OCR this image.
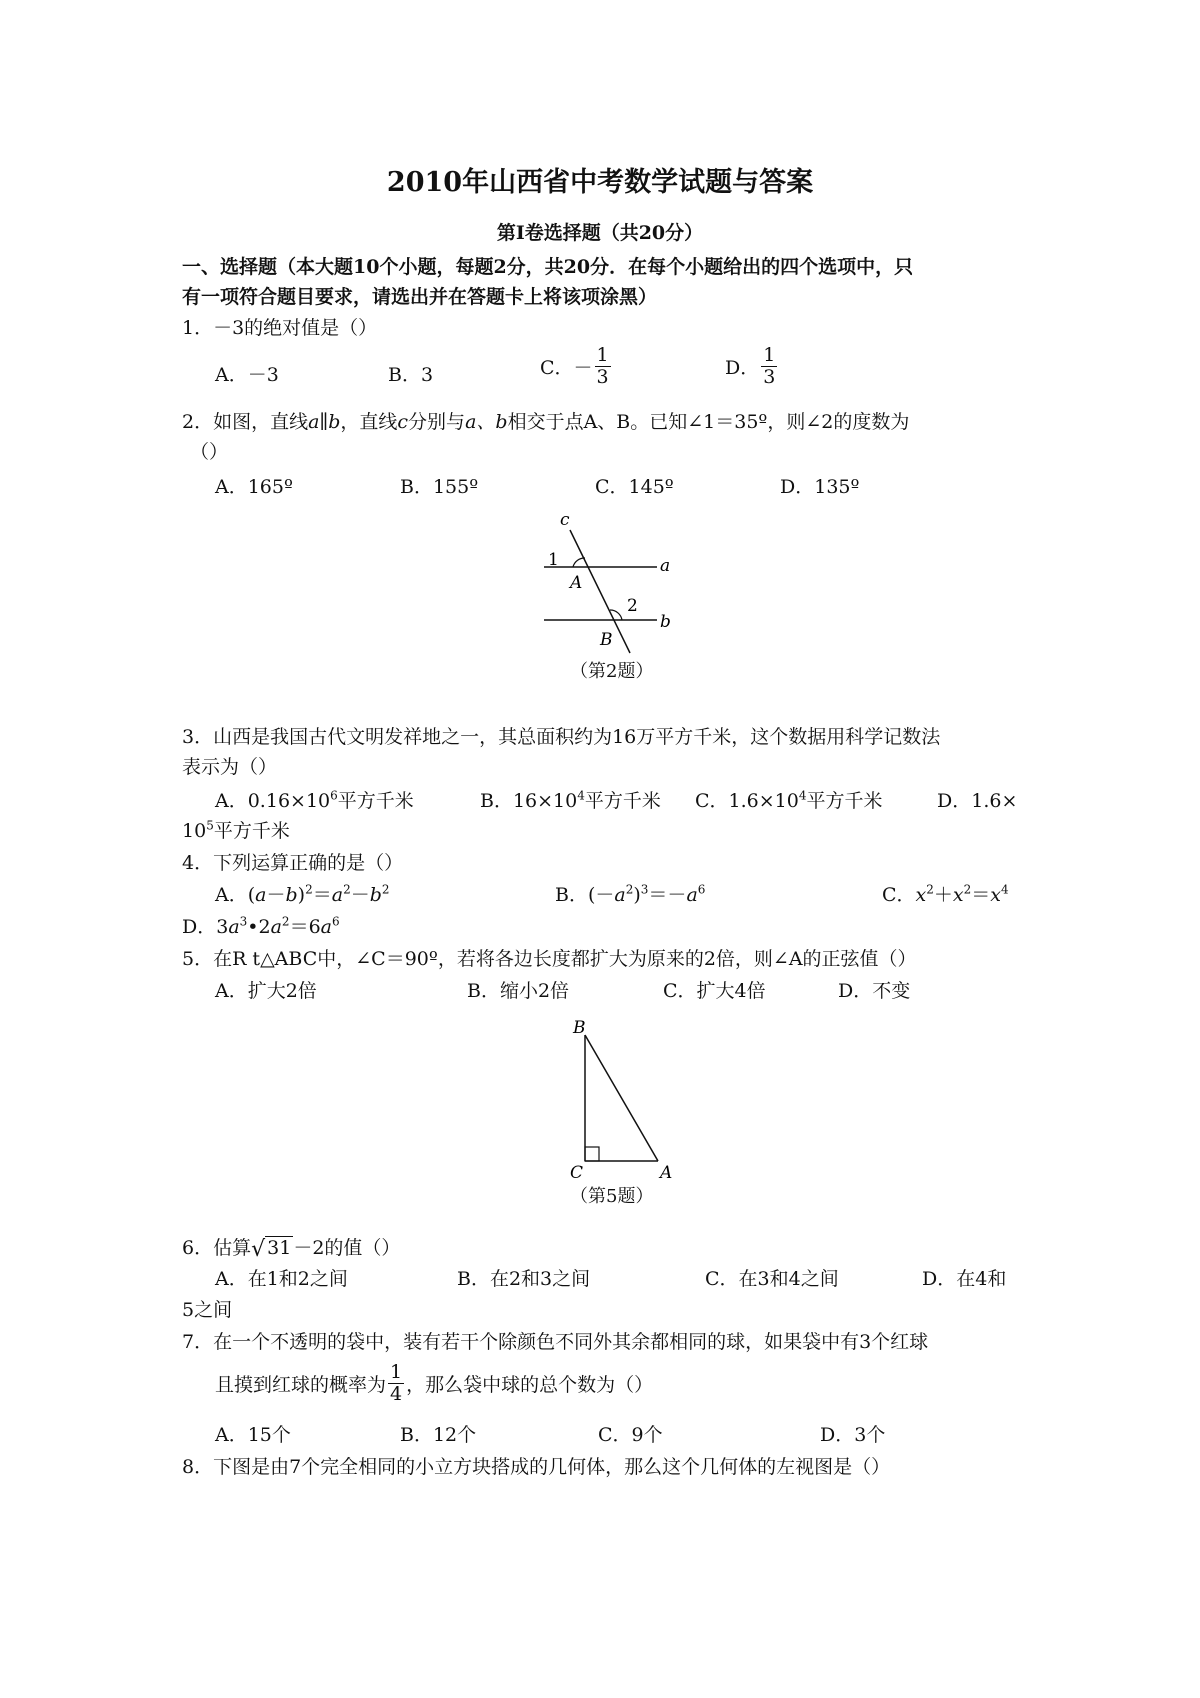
2010年山西省中考数学试题与答案
第Ⅰ卷选择题（共20分）
一、选择题（本大题10个小题，每题2分，共20分．在每个小题给出的四个选项中，只
有一项符合题目要求，请选出并在答题卡上将该项涂黑）
1．－3的绝对值是（）
A．－3	B．3	C．－ $\frac{1}{3}$	D． $\frac{1}{3}$
2．如图，直线a∥b，直线c分别与a、b相交于点A、B。已知∠1＝35º，则∠2的度数为
（）
A．165º	B．155º	C．145º	D．135º
c
1	a
A
2
b
B
（第2题）
3．山西是我国古代文明发祥地之一，其总面积约为16万平方千米，这个数据用科学记数法
表示为（）
A．$0.16\times 10^6$平方千米	B．$16\times 10^4$平方千米 C．$1.6\times 10^4$平方千米	D．1.6×
$10^5$平方千米
4．下列运算正确的是（）
A．$(a-b)^2=a^2-b^2$	B．$(-a^2)^3=-a^6$	C．$x^2+x^2=x^4$
D．$3a^3•2a^2=6a^6$
5．在R t△ABC中，∠C＝90º，若将各边长度都扩大为原来的2倍，则∠A的正弦值（）
A．扩大2倍	B．缩小2倍	C．扩大4倍	D．不变
B
C	A
（第5题）
6．估算√ 31 －2的值（）
A．在1和2之间	B．在2和3之间	C．在3和4之间	D．在4和
5之间
7．在一个不透明的袋中，装有若干个除颜色不同外其余都相同的球，如果袋中有3个红球
且摸到红球的概率为 $\frac{1}{4}$ ，那么袋中球的总个数为（）
A．15个	B．12个	C．9个	D．3个
8．下图是由7个完全相同的小立方块搭成的几何体，那么这个几何体的左视图是（）
